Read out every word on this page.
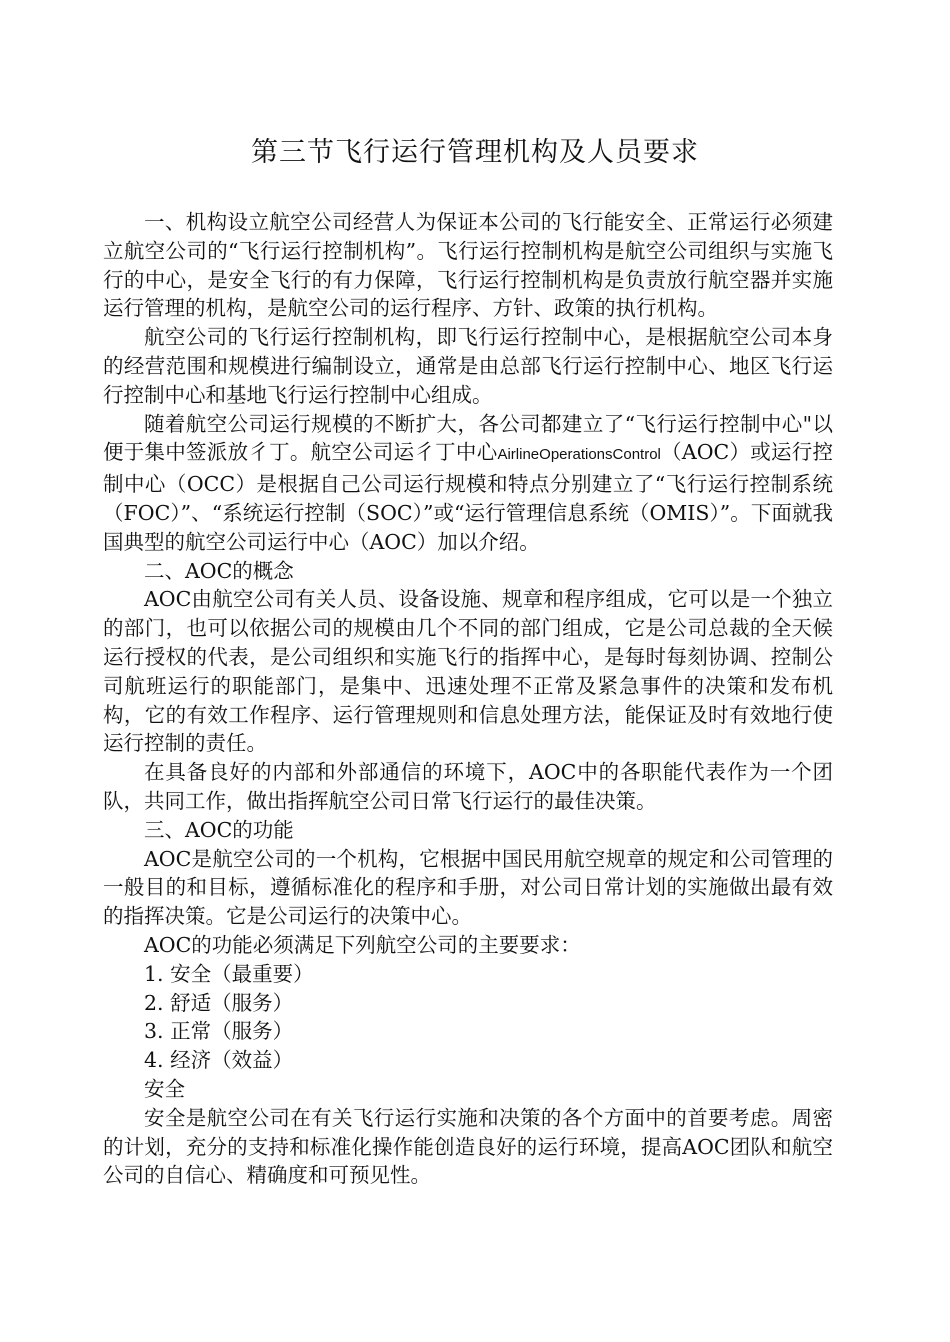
第三节飞行运行管理机构及人员要求

一、机构设立航空公司经营人为保证本公司的飞行能安全、正常运行必须建立航空公司的“飞行运行控制机构”。飞行运行控制机构是航空公司组织与实施飞行的中心，是安全飞行的有力保障，飞行运行控制机构是负责放行航空器并实施运行管理的机构，是航空公司的运行程序、方针、政策的执行机构。

航空公司的飞行运行控制机构，即飞行运行控制中心，是根据航空公司本身的经营范围和规模进行编制设立，通常是由总部飞行运行控制中心、地区飞行运行控制中心和基地飞行运行控制中心组成。

随着航空公司运行规模的不断扩大，各公司都建立了“飞行运行控制中心"以便于集中签派放彳丁。航空公司运彳丁中心AirlineOperationsControl（AOC）或运行控制中心（OCC）是根据自己公司运行规模和特点分别建立了“飞行运行控制系统（FOC）”、“系统运行控制（SOC）”或“运行管理信息系统（OMIS）”。下面就我国典型的航空公司运行中心（AOC）加以介绍。

二、AOC的概念

AOC由航空公司有关人员、设备设施、规章和程序组成，它可以是一个独立的部门，也可以依据公司的规模由几个不同的部门组成，它是公司总裁的全天候运行授权的代表，是公司组织和实施飞行的指挥中心，是每时每刻协调、控制公司航班运行的职能部门，是集中、迅速处理不正常及紧急事件的决策和发布机构，它的有效工作程序、运行管理规则和信息处理方法，能保证及时有效地行使运行控制的责任。

在具备良好的内部和外部通信的环境下，AOC中的各职能代表作为一个团队，共同工作，做出指挥航空公司日常飞行运行的最佳决策。

三、AOC的功能

AOC是航空公司的一个机构，它根据中国民用航空规章的规定和公司管理的一般目的和目标，遵循标准化的程序和手册，对公司日常计划的实施做出最有效的指挥决策。它是公司运行的决策中心。

AOC的功能必须满足下列航空公司的主要要求：

1. 安全（最重要）

2. 舒适（服务）

3. 正常（服务）

4. 经济（效益）

安全

安全是航空公司在有关飞行运行实施和决策的各个方面中的首要考虑。周密的计划，充分的支持和标准化操作能创造良好的运行环境，提高AOC团队和航空公司的自信心、精确度和可预见性。
